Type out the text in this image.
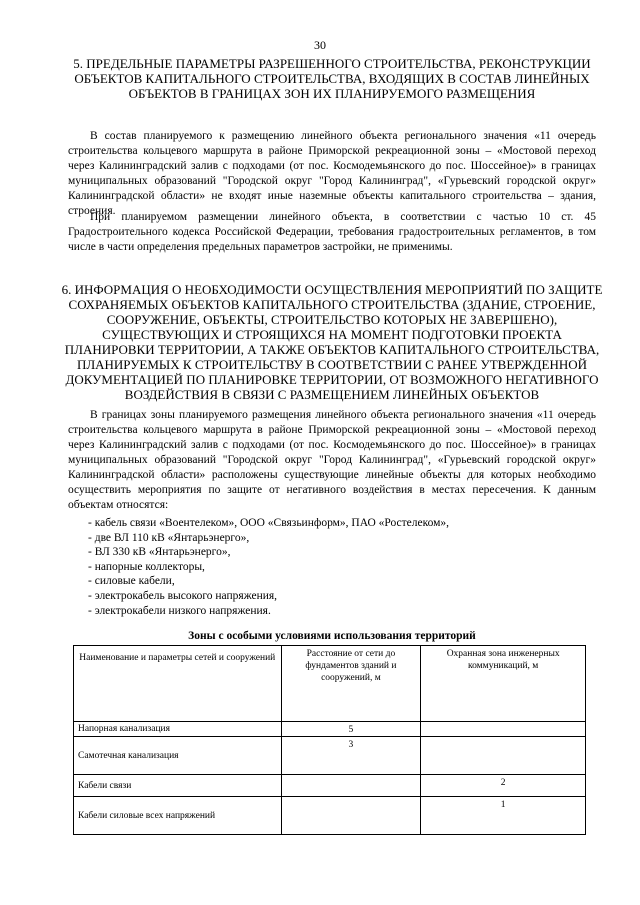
30
5. ПРЕДЕЛЬНЫЕ ПАРАМЕТРЫ РАЗРЕШЕННОГО СТРОИТЕЛЬСТВА, РЕКОНСТРУКЦИИ ОБЪЕКТОВ КАПИТАЛЬНОГО СТРОИТЕЛЬСТВА, ВХОДЯЩИХ В СОСТАВ ЛИНЕЙНЫХ ОБЪЕКТОВ В ГРАНИЦАХ ЗОН ИХ ПЛАНИРУЕМОГО РАЗМЕЩЕНИЯ

В состав планируемого к размещению линейного объекта регионального значения «11 очередь строительства кольцевого маршрута в районе Приморской рекреационной зоны – «Мостовой переход через Калининградский залив с подходами (от пос. Космодемьянского до пос. Шоссейное)» в границах муниципальных образований "Городской округ "Город Калининград", «Гурьевский городской округ» Калининградской области» не входят иные наземные объекты капитального строительства – здания, строения.

При планируемом размещении линейного объекта, в соответствии с частью 10 ст. 45 Градостроительного кодекса Российской Федерации, требования градостроительных регламентов, в том числе в части определения предельных параметров застройки, не применимы.

6. ИНФОРМАЦИЯ О НЕОБХОДИМОСТИ ОСУЩЕСТВЛЕНИЯ МЕРОПРИЯТИЙ ПО ЗАЩИТЕ СОХРАНЯЕМЫХ ОБЪЕКТОВ КАПИТАЛЬНОГО СТРОИТЕЛЬСТВА (ЗДАНИЕ, СТРОЕНИЕ, СООРУЖЕНИЕ, ОБЪЕКТЫ, СТРОИТЕЛЬСТВО КОТОРЫХ НЕ ЗАВЕРШЕНО), СУЩЕСТВУЮЩИХ И СТРОЯЩИХСЯ НА МОМЕНТ ПОДГОТОВКИ ПРОЕКТА ПЛАНИРОВКИ ТЕРРИТОРИИ, А ТАКЖЕ ОБЪЕКТОВ КАПИТАЛЬНОГО СТРОИТЕЛЬСТВА, ПЛАНИРУЕМЫХ К СТРОИТЕЛЬСТВУ В СООТВЕТСТВИИ С РАНЕЕ УТВЕРЖДЕННОЙ ДОКУМЕНТАЦИЕЙ ПО ПЛАНИРОВКЕ ТЕРРИТОРИИ, ОТ ВОЗМОЖНОГО НЕГАТИВНОГО ВОЗДЕЙСТВИЯ В СВЯЗИ С РАЗМЕЩЕНИЕМ ЛИНЕЙНЫХ ОБЪЕКТОВ

В границах зоны планируемого размещения линейного объекта регионального значения «11 очередь строительства кольцевого маршрута в районе Приморской рекреационной зоны – «Мостовой переход через Калининградский залив с подходами (от пос. Космодемьянского до пос. Шоссейное)» в границах муниципальных образований "Городской округ "Город Калининград", «Гурьевский городской округ» Калининградской области» расположены существующие линейные объекты для которых необходимо осуществить мероприятия по защите от негативного воздействия в местах пересечения. К данным объектам относятся:

- кабель связи «Воентелеком», ООО «Связьинформ», ПАО «Ростелеком»,
- две ВЛ 110 кВ «Янтарьэнерго»,
- ВЛ 330 кВ «Янтарьэнерго»,
- напорные коллекторы,
- силовые кабели,
- электрокабель высокого напряжения,
- электрокабели низкого напряжения.

Зоны с особыми условиями использования территорий

Наименование и параметры сетей и сооружений	Расстояние от сети до фундаментов зданий и сооружений, м	Охранная зона инженерных коммуникаций, м
Напорная канализация	5	
Самотечная канализация	3	
Кабели связи		2
Кабели силовые всех напряжений		1
